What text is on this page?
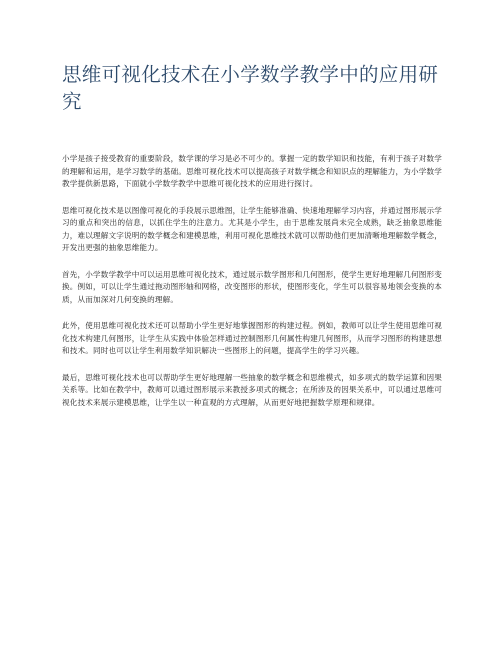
思维可视化技术在小学数学教学中的应用研究

小学是孩子接受教育的重要阶段，数学课的学习是必不可少的。掌握一定的数学知识和技能，有利于孩子对数学的理解和运用，是学习数学的基础。思维可视化技术可以提高孩子对数学概念和知识点的理解能力，为小学数学教学提供新思路，下面就小学数学教学中思维可视化技术的应用进行探讨。

思维可视化技术是以图像可视化的手段展示思维图，让学生能够准确、快速地理解学习内容，并通过图形展示学习的重点和突出的信息，以抓住学生的注意力。尤其是小学生，由于思维发展尚未完全成熟，缺乏抽象思维能力，难以理解文字说明的数学概念和建模思维，利用可视化思维技术就可以帮助他们更加清晰地理解数学概念，开发出更强的抽象思维能力。

首先，小学数学教学中可以运用思维可视化技术，通过展示数学图形和几何图形，使学生更好地理解几何图形变换。例如，可以让学生通过拖动图形轴和网格，改变图形的形状，使图形变化，学生可以很容易地领会变换的本质，从而加深对几何变换的理解。

此外，使用思维可视化技术还可以帮助小学生更好地掌握图形的构建过程。例如，教师可以让学生使用思维可视化技术构建几何图形，让学生从实践中体验怎样通过控制图形几何属性构建几何图形，从而学习图形的构建思想和技术。同时也可以让学生利用数学知识解决一些图形上的问题，提高学生的学习兴趣。

最后，思维可视化技术也可以帮助学生更好地理解一些抽象的数学概念和思维模式，如多项式的数学运算和因果关系等。比如在教学中，教师可以通过图形展示来教授多项式的概念；在所涉及的因果关系中，可以通过思维可视化技术来展示建模思维，让学生以一种直观的方式理解，从而更好地把握数学原理和规律。
